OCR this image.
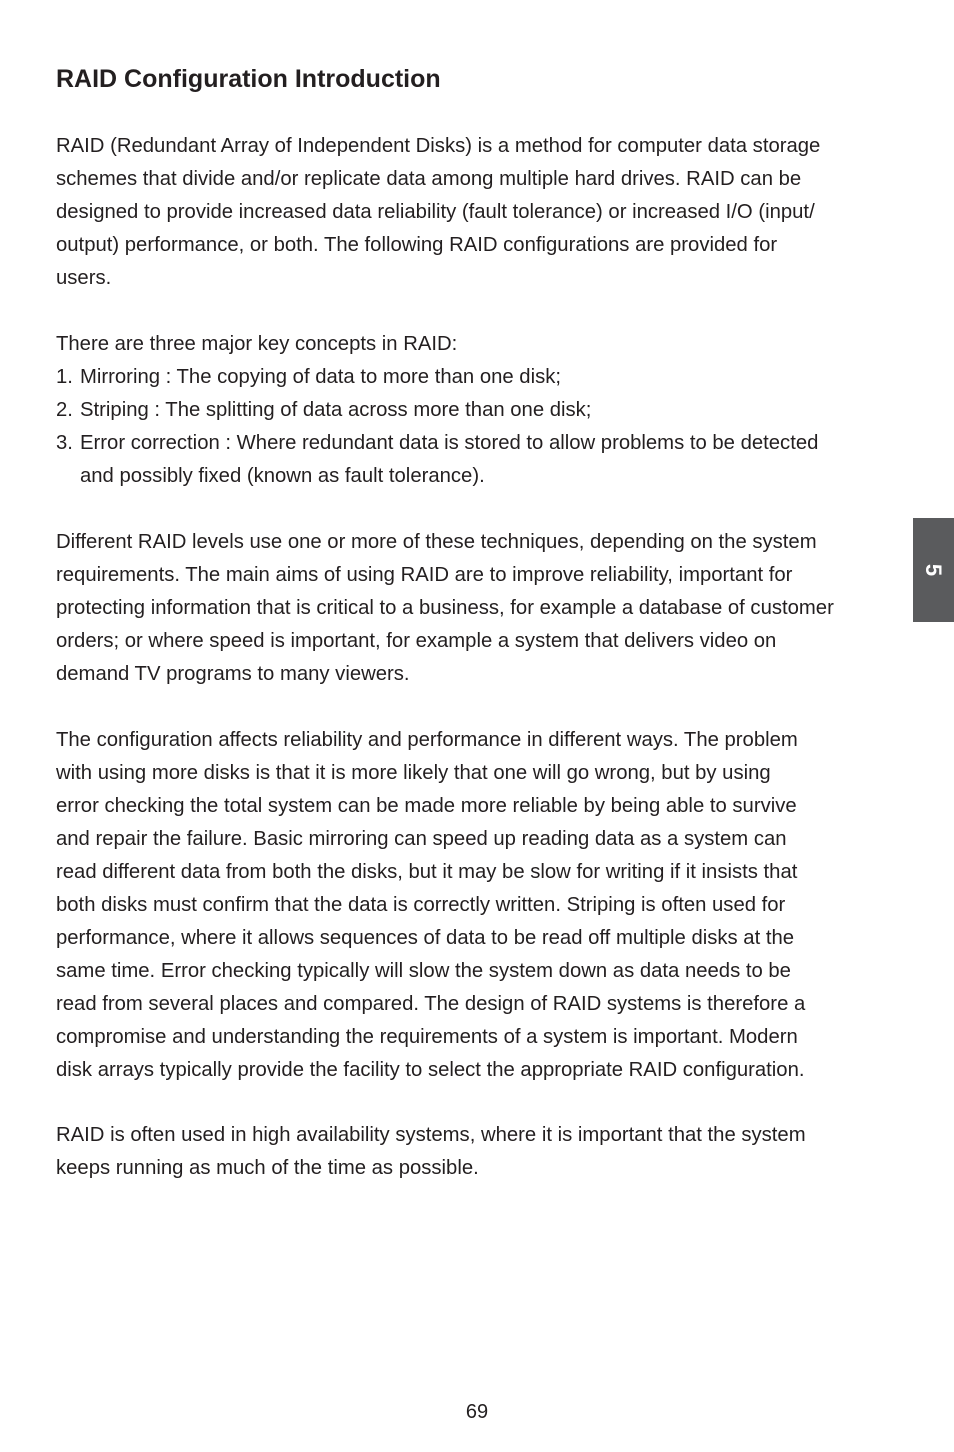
RAID Configuration Introduction

RAID (Redundant Array of Independent Disks) is a method for computer data storage
schemes that divide and/or replicate data among multiple hard drives. RAID can be
designed to provide increased data reliability (fault tolerance) or increased I/O (input/
output) performance, or both. The following RAID configurations are provided for
users.

There are three major key concepts in RAID:

1. Mirroring : The copying of data to more than one disk;
2. Striping : The splitting of data across more than one disk;
3. Error correction : Where redundant data is stored to allow problems to be detected
and possibly fixed (known as fault tolerance).

Different RAID levels use one or more of these techniques, depending on the system
requirements. The main aims of using RAID are to improve reliability, important for
protecting information that is critical to a business, for example a database of customer
orders; or where speed is important, for example a system that delivers video on
demand TV programs to many viewers.

The configuration affects reliability and performance in different ways. The problem
with using more disks is that it is more likely that one will go wrong, but by using
error checking the total system can be made more reliable by being able to survive
and repair the failure. Basic mirroring can speed up reading data as a system can
read different data from both the disks, but it may be slow for writing if it insists that
both disks must confirm that the data is correctly written. Striping is often used for
performance, where it allows sequences of data to be read off multiple disks at the
same time. Error checking typically will slow the system down as data needs to be
read from several places and compared. The design of RAID systems is therefore a
compromise and understanding the requirements of a system is important. Modern
disk arrays typically provide the facility to select the appropriate RAID configuration.

RAID is often used in high availability systems, where it is important that the system
keeps running as much of the time as possible.

5
69
